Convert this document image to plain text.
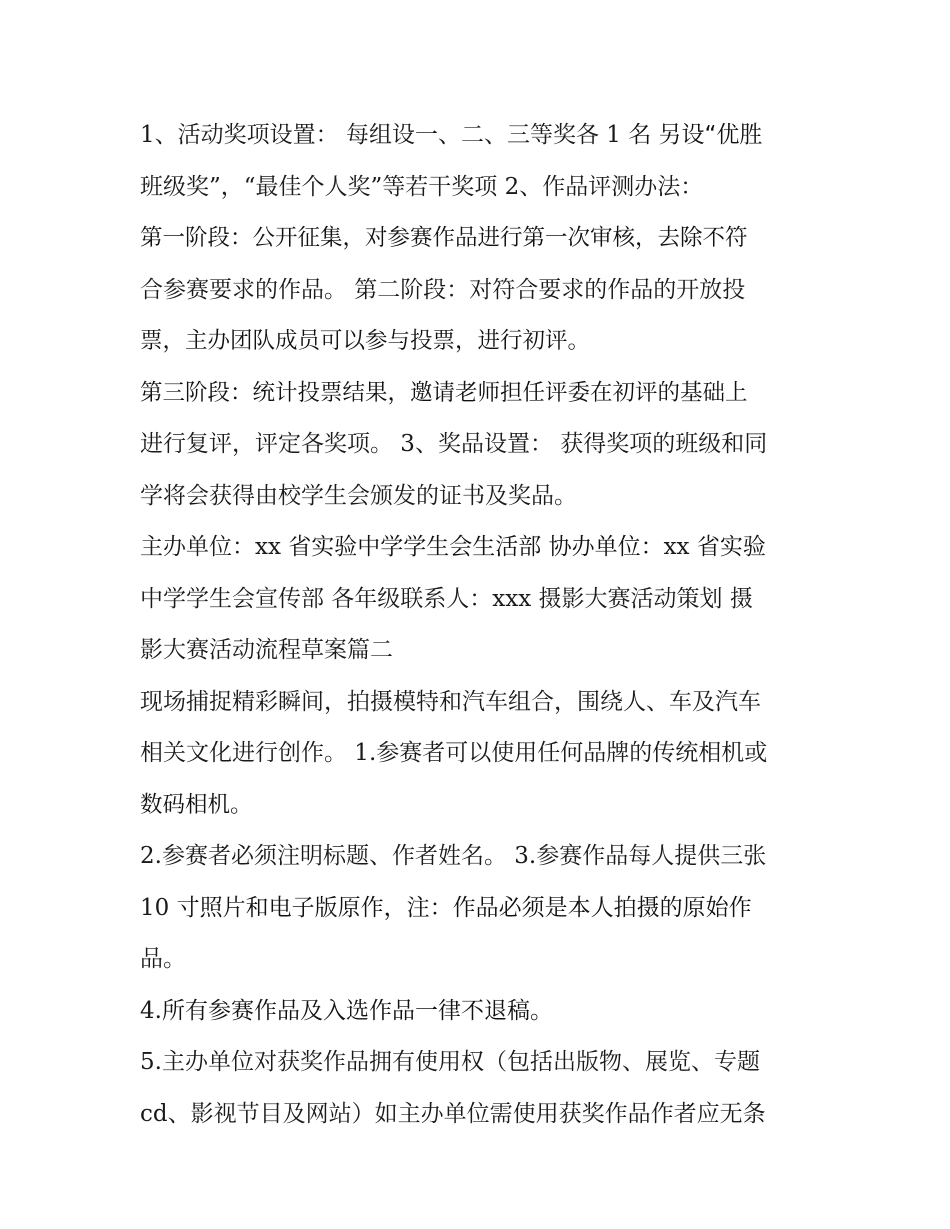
1、活动奖项设置： 每组设一、二、三等奖各 1 名 另设“优胜
班级奖”，“最佳个人奖”等若干奖项 2、作品评测办法：
第一阶段：公开征集，对参赛作品进行第一次审核，去除不符
合参赛要求的作品。 第二阶段：对符合要求的作品的开放投
票，主办团队成员可以参与投票，进行初评。
第三阶段：统计投票结果，邀请老师担任评委在初评的基础上
进行复评，评定各奖项。 3、奖品设置： 获得奖项的班级和同
学将会获得由校学生会颁发的证书及奖品。
主办单位：xx 省实验中学学生会生活部 协办单位：xx 省实验
中学学生会宣传部 各年级联系人：xxx 摄影大赛活动策划 摄
影大赛活动流程草案篇二
现场捕捉精彩瞬间，拍摄模特和汽车组合，围绕人、车及汽车
相关文化进行创作。 1.参赛者可以使用任何品牌的传统相机或
数码相机。
2.参赛者必须注明标题、作者姓名。 3.参赛作品每人提供三张
10 寸照片和电子版原作，注：作品必须是本人拍摄的原始作
品。
4.所有参赛作品及入选作品一律不退稿。
5.主办单位对获奖作品拥有使用权（包括出版物、展览、专题
cd、影视节目及网站）如主办单位需使用获奖作品作者应无条
